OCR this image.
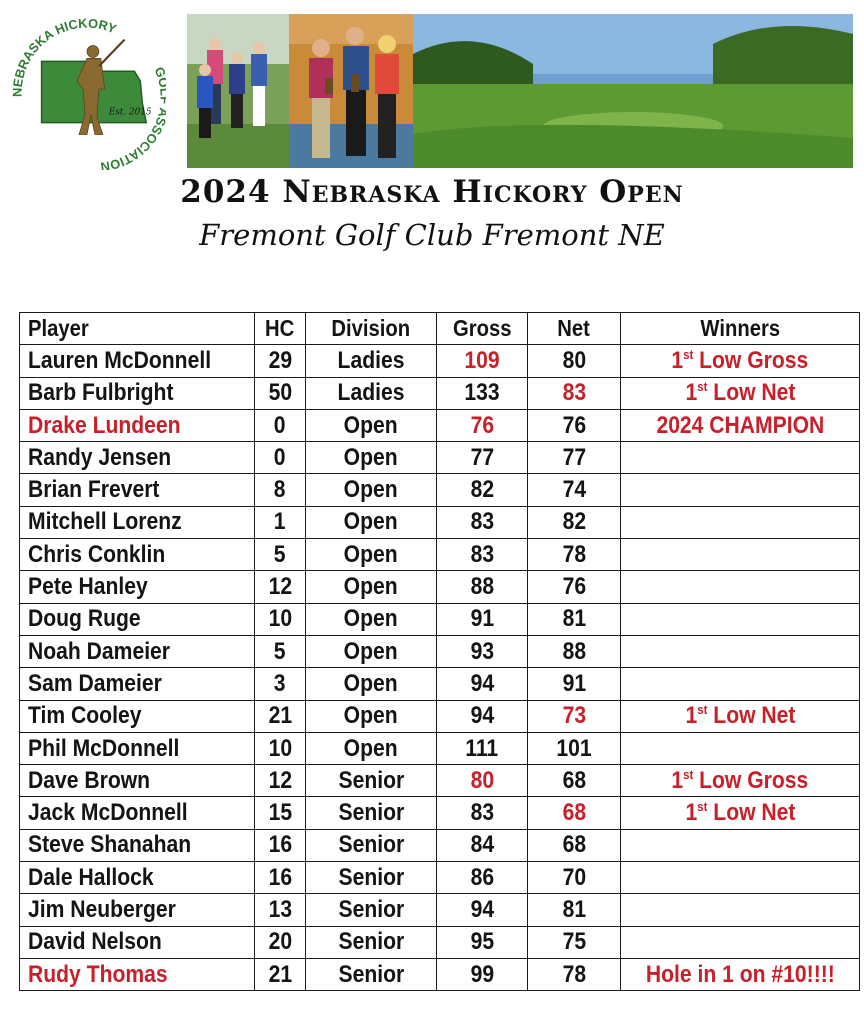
NEBRASKA HICKORY
SOCIATION
Est. 2015
2024 Nebraska Hickory Open
Fremont Golf Club Fremont NE
Player	HC	Division	Gross	Net	Winners
Lauren McDonnell	29	Ladies	109	80	1st Low Gross
Barb Fulbright	50	Ladies	133	83	1st Low Net
Drake Lundeen	0	Open	76	76	2024 CHAMPION
Randy Jensen	0	Open	77	77	
Brian Frevert	8	Open	82	74	
Mitchell Lorenz	1	Open	83	82	
Chris Conklin	5	Open	83	78	
Pete Hanley	12	Open	88	76	
Doug Ruge	10	Open	91	81	
Noah Dameier	5	Open	93	88	
Sam Dameier	3	Open	94	91	
Tim Cooley	21	Open	94	73	1st Low Net
Phil McDonnell	10	Open	111	101	
Dave Brown	12	Senior	80	68	1st Low Gross
Jack McDonnell	15	Senior	83	68	1st Low Net
Steve Shanahan	16	Senior	84	68	
Dale Hallock	16	Senior	86	70	
Jim Neuberger	13	Senior	94	81	
David Nelson	20	Senior	95	75	
Rudy Thomas	21	Senior	99	78	Hole in 1 on #10!!!!
